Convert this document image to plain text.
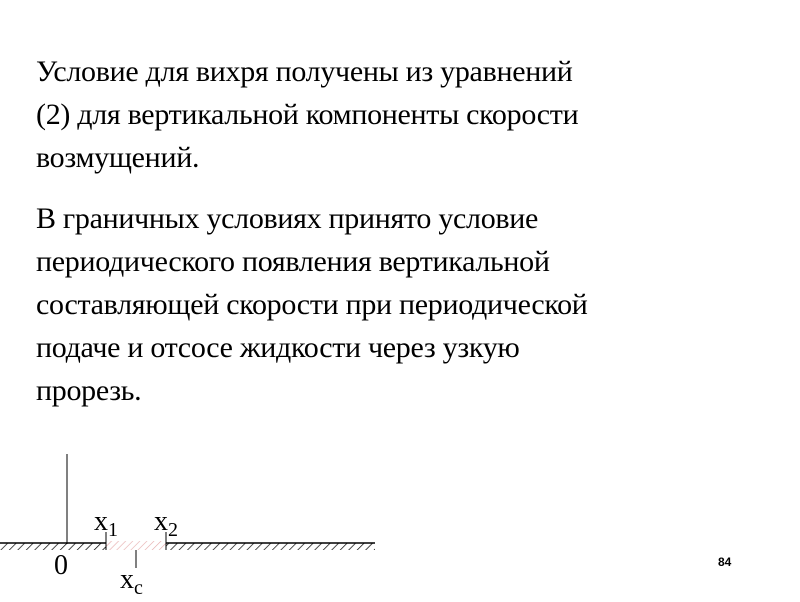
Условие для вихря получены из уравнений
(2) для вертикальной компоненты скорости
возмущений.
В граничных условиях принято условие
периодического появления вертикальной
составляющей скорости при периодической
подаче и отсосе жидкости через узкую
прорезь.
$x_1$ $x_2$
$x_c$
0	84
